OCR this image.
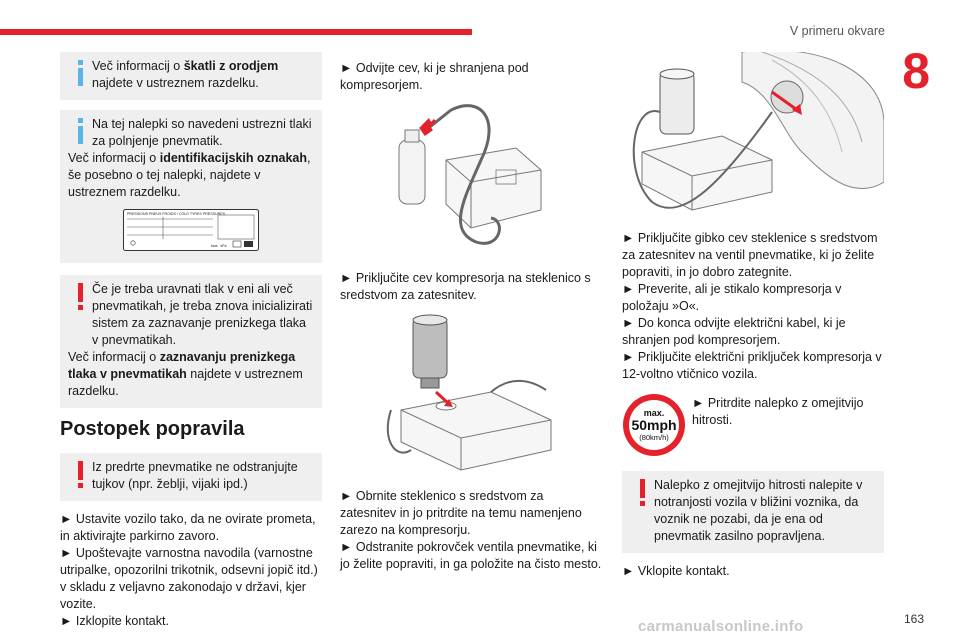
V primeru okvare
8
Več informacij o škatli z orodjem najdete v ustreznem razdelku.
Na tej nalepki so navedeni ustrezni tlaki za polnjenje pnevmatik.
Več informacij o identifikacijskih oznakah, še posebno o tej nalepki, najdete v ustreznem razdelku.
PRESSIONS PNEUS FROIDS / COLD TYRES PRESSURES
bars · kPa
Če je treba uravnati tlak v eni ali več pnevmatikah, je treba znova inicializirati sistem za zaznavanje prenizkega tlaka v pnevmatikah.
Več informacij o zaznavanju prenizkega tlaka v pnevmatikah najdete v ustreznem razdelku.
Postopek popravila
Iz predrte pnevmatike ne odstranjujte tujkov (npr. žeblji, vijaki ipd.)

► Ustavite vozilo tako, da ne ovirate prometa, in aktivirajte parkirno zavoro.

► Upoštevajte varnostna navodila (varnostne utripalke, opozorilni trikotnik, odsevni jopič itd.) v skladu z veljavno zakonodajo v državi, kjer vozite.

► Izklopite kontakt.

► Odvijte cev, ki je shranjena pod kompresorjem.

► Priključite cev kompresorja na steklenico s sredstvom za zatesnitev.

► Obrnite steklenico s sredstvom za zatesnitev in jo pritrdite na temu namenjeno zarezo na kompresorju.

► Odstranite pokrovček ventila pnevmatike, ki jo želite popraviti, in ga položite na čisto mesto.

► Priključite gibko cev steklenice s sredstvom za zatesnitev na ventil pnevmatike, ki jo želite popraviti, in jo dobro zategnite.

► Preverite, ali je stikalo kompresorja v položaju »O«.

► Do konca odvijte električni kabel, ki je shranjen pod kompresorjem.

► Priključite električni priključek kompresorja v 12-voltno vtičnico vozila.

max.
50mph
(80km/h)

► Pritrdite nalepko z omejitvijo hitrosti.

Nalepko z omejitvijo hitrosti nalepite v notranjosti vozila v bližini voznika, da voznik ne pozabi, da je ena od pnevmatik zasilno popravljena.

► Vklopite kontakt.

carmanualsonline.info	163
